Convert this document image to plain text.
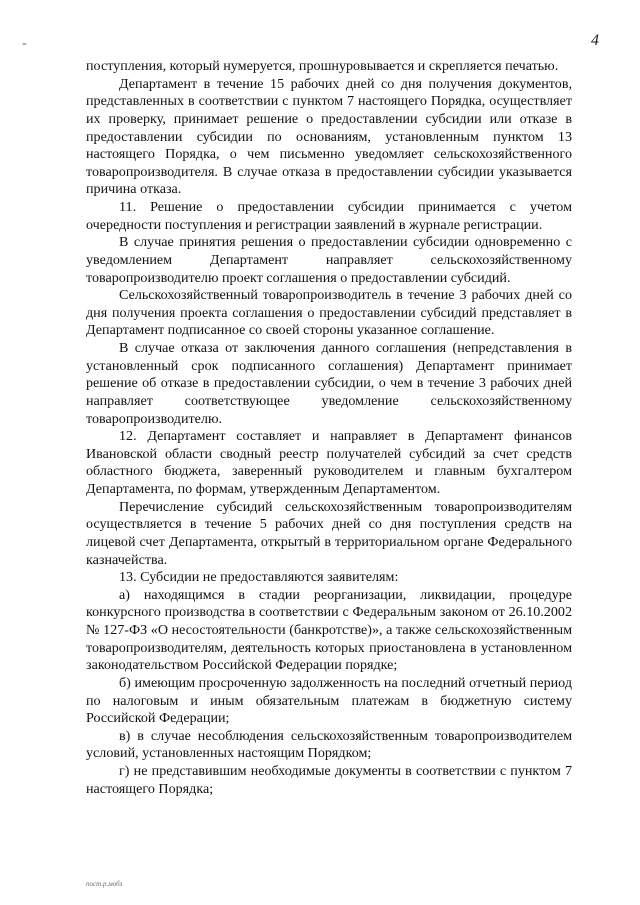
-	4

поступления, который нумеруется, прошнуровывается и скрепляется печатью.

Департамент в течение 15 рабочих дней со дня получения документов, представленных в соответствии с пунктом 7 настоящего Порядка, осуществляет их проверку, принимает решение о предоставлении субсидии или отказе в предоставлении субсидии по основаниям, установленным пунктом 13 настоящего Порядка, о чем письменно уведомляет сельскохозяйственного товаропроизводителя. В случае отказа в предоставлении субсидии указывается причина отказа.

11. Решение о предоставлении субсидии принимается с учетом очередности поступления и регистрации заявлений в журнале регистрации.

В случае принятия решения о предоставлении субсидии одновременно с уведомлением Департамент направляет сельскохозяйственному товаропроизводителю проект соглашения о предоставлении субсидий.

Сельскохозяйственный товаропроизводитель в течение 3 рабочих дней со дня получения проекта соглашения о предоставлении субсидий представляет в Департамент подписанное со своей стороны указанное соглашение.

В случае отказа от заключения данного соглашения (непредставления в установленный срок подписанного соглашения) Департамент принимает решение об отказе в предоставлении субсидии, о чем в течение 3 рабочих дней направляет соответствующее уведомление сельскохозяйственному товаропроизводителю.

12. Департамент составляет и направляет в Департамент финансов Ивановской области сводный реестр получателей субсидий за счет средств областного бюджета, заверенный руководителем и главным бухгалтером Департамента, по формам, утвержденным Департаментом.

Перечисление субсидий сельскохозяйственным товаропроизводителям осуществляется в течение 5 рабочих дней со дня поступления средств на лицевой счет Департамента, открытый в территориальном органе Федерального казначейства.

13. Субсидии не предоставляются заявителям:

а) находящимся в стадии реорганизации, ликвидации, процедуре конкурсного производства в соответствии с Федеральным законом от 26.10.2002 № 127-ФЗ «О несостоятельности (банкротстве)», а также сельскохозяйственным товаропроизводителям, деятельность которых приостановлена в установленном законодательством Российской Федерации порядке;

б) имеющим просроченную задолженность на последний отчетный период по налоговым и иным обязательным платежам в бюджетную систему Российской Федерации;

в) в случае несоблюдения сельскохозяйственным товаропроизводителем условий, установленных настоящим Порядком;

г) не представившим необходимые документы в соответствии с пунктом 7 настоящего Порядка;

пост.р.мобз
